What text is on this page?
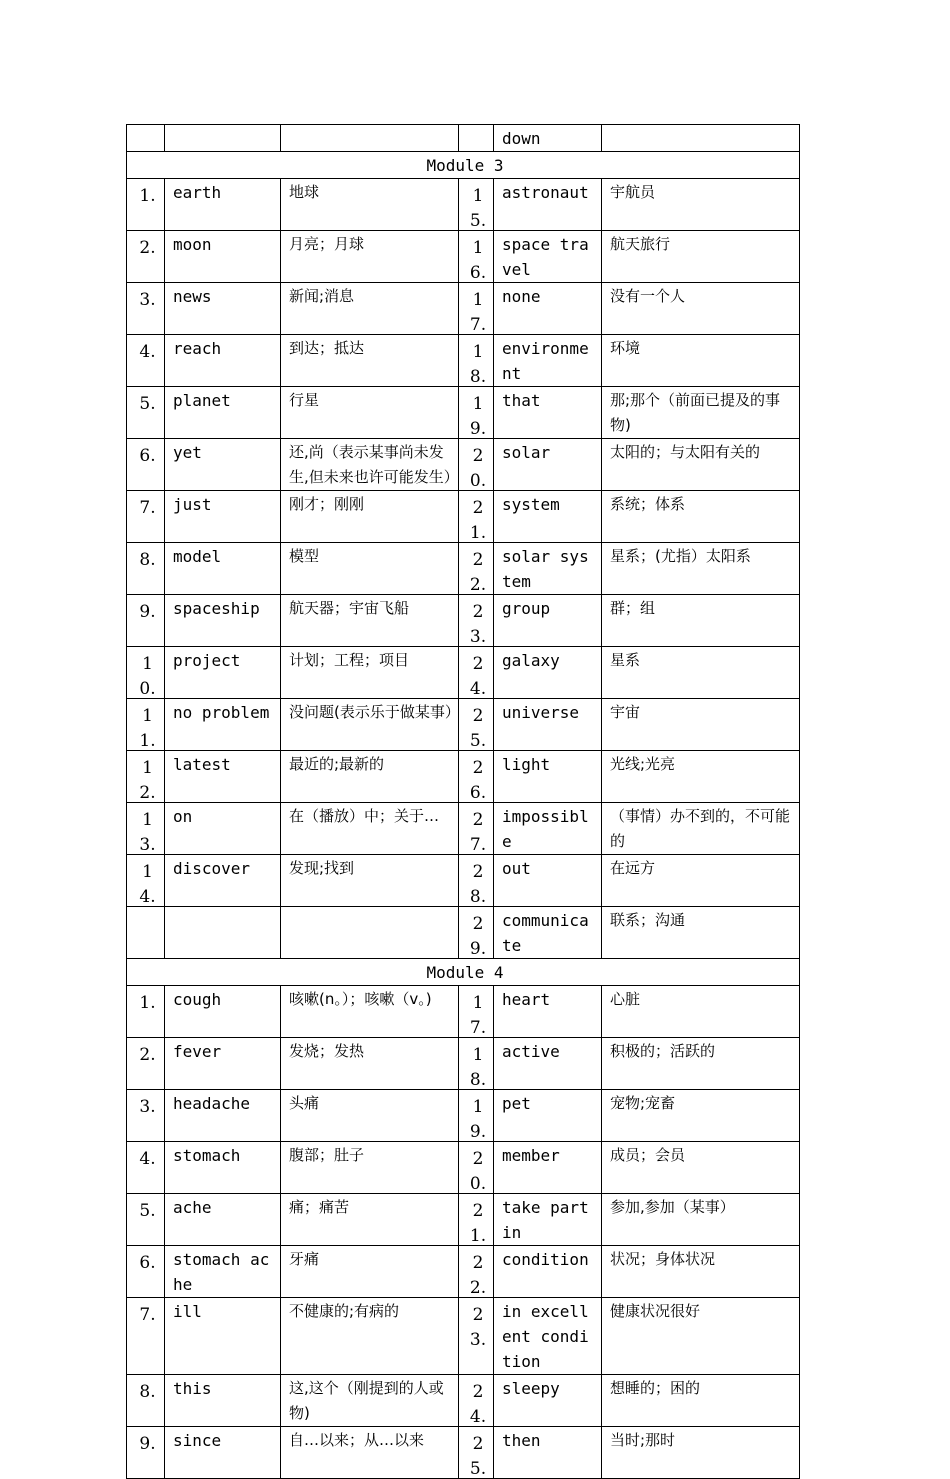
				down	
Module 3					
1.	earth	地球	15.	astronaut	宇航员
2.	moon	月亮；月球	16.	space travel	航天旅行
3.	news	新闻;消息	17.	none	没有一个人
4.	reach	到达；抵达	18.	environment	环境
5.	planet	行星	19.	that	那;那个（前面已提及的事物)
6.	yet	还,尚（表示某事尚未发生,但未来也许可能发生）	20.	solar	太阳的；与太阳有关的
7.	just	刚才；刚刚	21.	system	系统；体系
8.	model	模型	22.	solar system	星系；(尤指）太阳系
9.	spaceship	航天器；宇宙飞船	23.	group	群；组
10.	project	计划；工程；项目	24.	galaxy	星系
11.	no problem	没问题(表示乐于做某事）	25.	universe	宇宙
12.	latest	最近的;最新的	26.	light	光线;光亮
13.	on	在（播放）中；关于…	27.	impossible	（事情）办不到的，不可能的
14.	discover	发现;找到	28.	out	在远方
			29.	communicate	联系；沟通
Module 4					
1.	cough	咳嗽(n。）；咳嗽（v。)	17.	heart	心脏
2.	fever	发烧；发热	18.	active	积极的；活跃的
3.	headache	头痛	19.	pet	宠物;宠畜
4.	stomach	腹部；肚子	20.	member	成员；会员
5.	ache	痛；痛苦	21.	take part in	参加,参加（某事）
6.	stomach ache	牙痛	22.	condition	状况；身体状况
7.	ill	不健康的;有病的	23.	in excellent condition	健康状况很好
8.	this	这,这个（刚提到的人或物)	24.	sleepy	想睡的；困的
9.	since	自…以来；从…以来	25.	then	当时;那时
